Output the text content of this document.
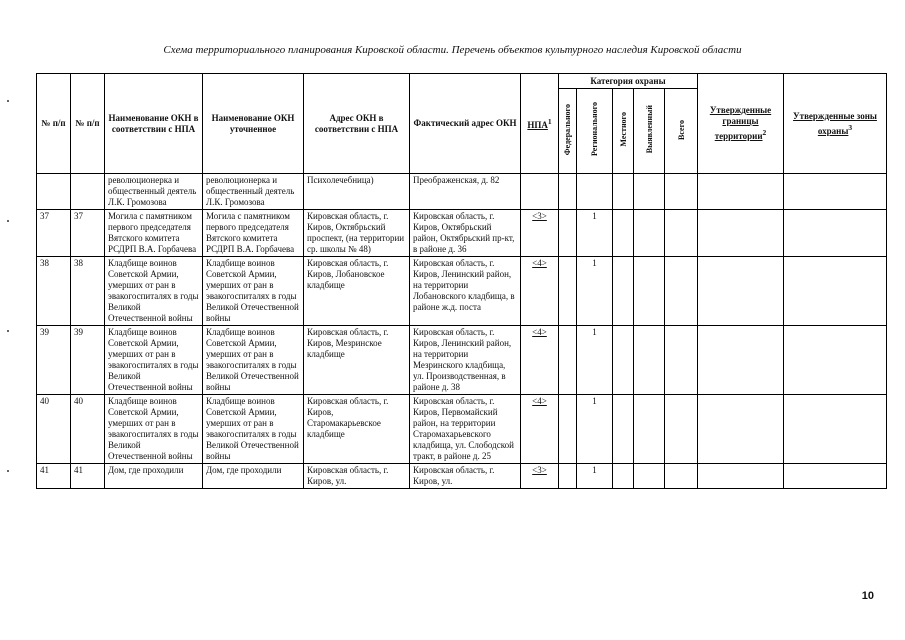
Схема территориального планирования Кировской области. Перечень объектов культурного наследия Кировской области
№ п/п	№ п/п	Наименование ОКН в соответствии с НПА	Наименование ОКН уточненное	Адрес ОКН в соответствии с НПА	Фактический адрес ОКН	НПА$^1$	Категория охраны					Утвержденные границы территории$^2$	Утвержденные зоны охраны$^3$
							Федерального	Регионального	Местного	Выявленный	Всего		
		революционерка и общественный деятель Л.К. Громозова	революционерка и общественный деятель Л.К. Громозова	Психолечебница)	Преображенская, д. 82								
37	37	Могила с памятником первого председателя Вятского комитета РСДРП В.А. Горбачева	Могила с памятником первого председателя Вятского комитета РСДРП В.А. Горбачева	Кировская область, г. Киров, Октябрьский проспект, (на территории ср. школы № 48)	Кировская область, г. Киров, Октябрьский район, Октябрьский пр-кт, в районе д. 36	<3>		1					
38	38	Кладбище воинов Советской Армии, умерших от ран в эвакогоспиталях в годы Великой Отечественной войны	Кладбище воинов Советской Армии, умерших от ран в эвакогоспиталях в годы Великой Отечественной войны	Кировская область, г. Киров, Лобановское кладбище	Кировская область, г. Киров, Ленинский район, на территории Лобановского кладбища, в районе ж.д. поста	<4>		1					
39	39	Кладбище воинов Советской Армии, умерших от ран в эвакогоспиталях в годы Великой Отечественной войны	Кладбище воинов Советской Армии, умерших от ран в эвакогоспиталях в годы Великой Отечественной войны	Кировская область, г. Киров, Мезринское кладбище	Кировская область, г. Киров, Ленинский район, на территории Мезринского кладбища, ул. Производственная, в районе д. 38	<4>		1					
40	40	Кладбище воинов Советской Армии, умерших от ран в эвакогоспиталях в годы Великой Отечественной войны	Кладбище воинов Советской Армии, умерших от ран в эвакогоспиталях в годы Великой Отечественной войны	Кировская область, г. Киров, Старомакарьевское кладбище	Кировская область, г. Киров, Первомайский район, на территории Старомахарьевского кладбища, ул. Слободской тракт, в районе д. 25	<4>		1					
41	41	Дом, где проходили	Дом, где проходили	Кировская область, г. Киров, ул.	Кировская область, г. Киров, ул.	<3>		1					
10
